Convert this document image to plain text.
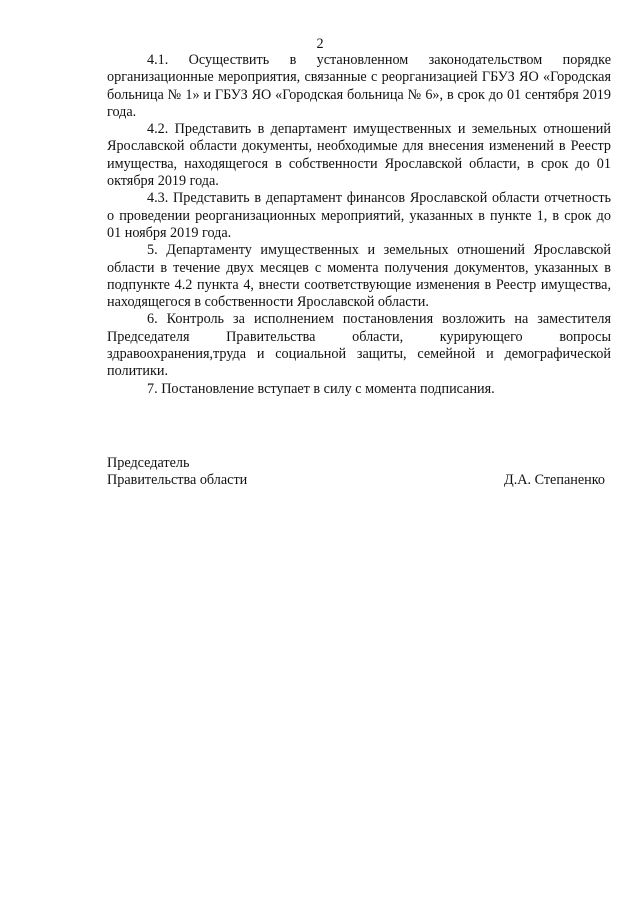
2

4.1. Осуществить в установленном законодательством порядке организационные мероприятия, связанные с реорганизацией ГБУЗ ЯО «Городская больница № 1» и ГБУЗ ЯО «Городская больница № 6», в срок до 01 сентября 2019 года.

4.2. Представить в департамент имущественных и земельных отношений Ярославской области документы, необходимые для внесения изменений в Реестр имущества, находящегося в собственности Ярославской области, в срок до 01 октября 2019 года.

4.3. Представить в департамент финансов Ярославской области отчетность о проведении реорганизационных мероприятий, указанных в пункте 1, в срок до 01 ноября 2019 года.

5. Департаменту имущественных и земельных отношений Ярославской области в течение двух месяцев с момента получения документов, указанных в подпункте 4.2 пункта 4, внести соответствующие изменения в Реестр имущества, находящегося в собственности Ярославской области.

6. Контроль за исполнением постановления возложить на заместителя Председателя Правительства области, курирующего вопросы здравоохранения,труда и социальной защиты, семейной и демографической политики.

7. Постановление вступает в силу с момента подписания.

Председатель
Правительства области	Д.А. Степаненко
